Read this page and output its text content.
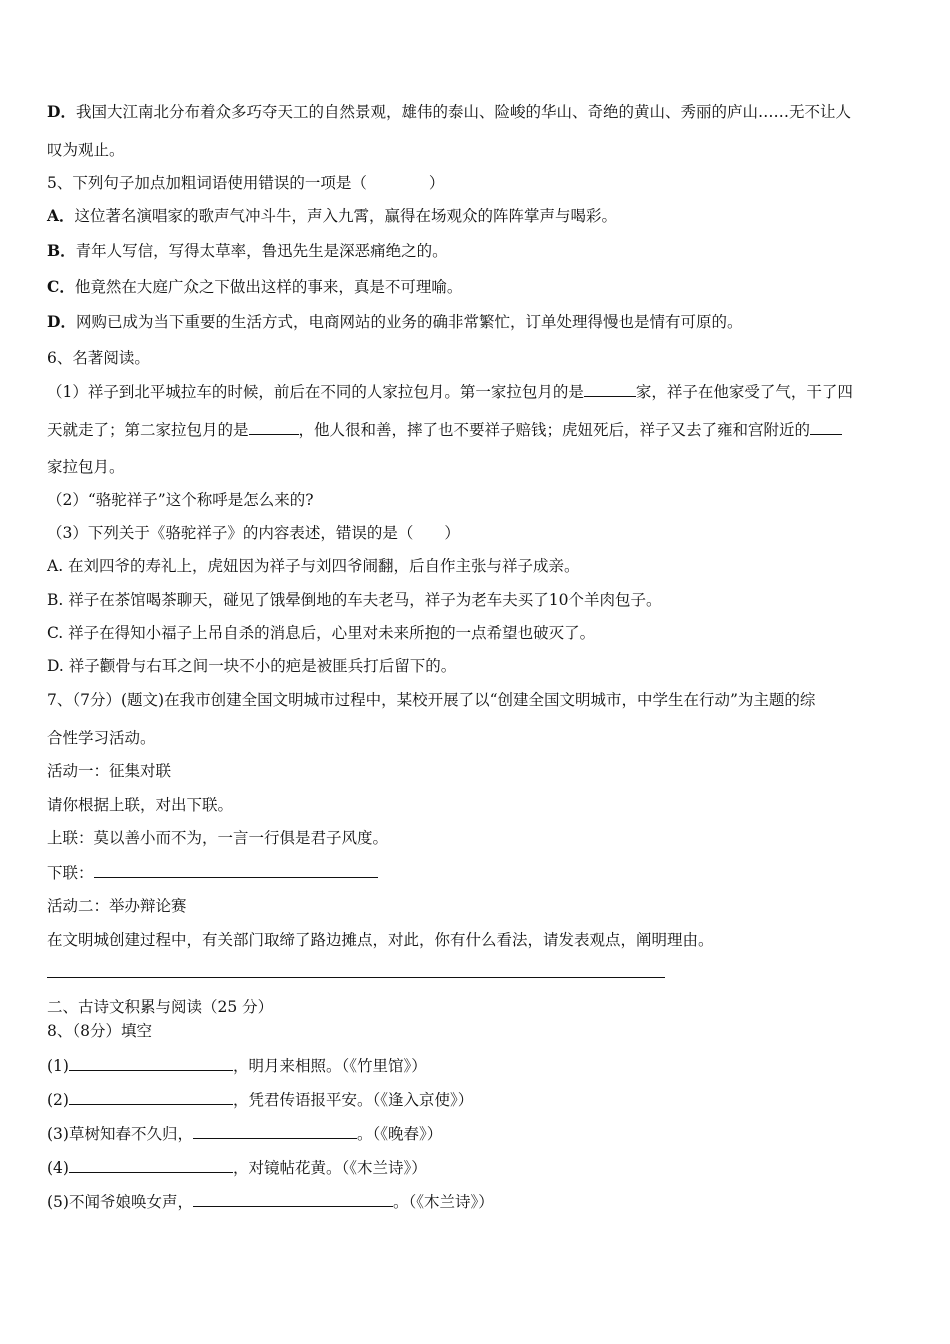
D．我国大江南北分布着众多巧夺天工的自然景观，雄伟的泰山、险峻的华山、奇绝的黄山、秀丽的庐山……无不让人
叹为观止。
5、下列句子加点加粗词语使用错误的一项是（　　　　）
A．这位著名演唱家的歌声气冲斗牛，声入九霄，赢得在场观众的阵阵掌声与喝彩。
B．青年人写信，写得太草率，鲁迅先生是深恶痛绝之的。
C．他竟然在大庭广众之下做出这样的事来，真是不可理喻。
D．网购已成为当下重要的生活方式，电商网站的业务的确非常繁忙，订单处理得慢也是情有可原的。
6、名著阅读。
（1）祥子到北平城拉车的时候，前后在不同的人家拉包月。第一家拉包月的是	家，祥子在他家受了气，干了四
天就走了；第二家拉包月的是	，他人很和善，摔了也不要祥子赔钱；虎妞死后，祥子又去了雍和宫附近的
家拉包月。
（2）“骆驼祥子”这个称呼是怎么来的?
（3）下列关于《骆驼祥子》的内容表述，错误的是（　　）
A. 在刘四爷的寿礼上，虎妞因为祥子与刘四爷闹翻，后自作主张与祥子成亲。
B. 祥子在茶馆喝茶聊天，碰见了饿晕倒地的车夫老马，祥子为老车夫买了10个羊肉包子。
C. 祥子在得知小福子上吊自杀的消息后，心里对未来所抱的一点希望也破灭了。
D. 祥子颧骨与右耳之间一块不小的疤是被匪兵打后留下的。
7、（7分）(题文)在我市创建全国文明城市过程中，某校开展了以“创建全国文明城市，中学生在行动”为主题的综
合性学习活动。
活动一：征集对联
请你根据上联，对出下联。
上联：莫以善小而不为，一言一行俱是君子风度。
下联：
活动二：举办辩论赛
在文明城创建过程中，有关部门取缔了路边摊点，对此，你有什么看法，请发表观点，阐明理由。
二、古诗文积累与阅读（25 分）
8、（8分）填空
(1)	，明月来相照。（《竹里馆》）
(2)	，凭君传语报平安。（《逢入京使》）
(3)草树知春不久归，	。（《晚春》）
(4)	，对镜帖花黄。（《木兰诗》）
(5)不闻爷娘唤女声，	。（《木兰诗》）
